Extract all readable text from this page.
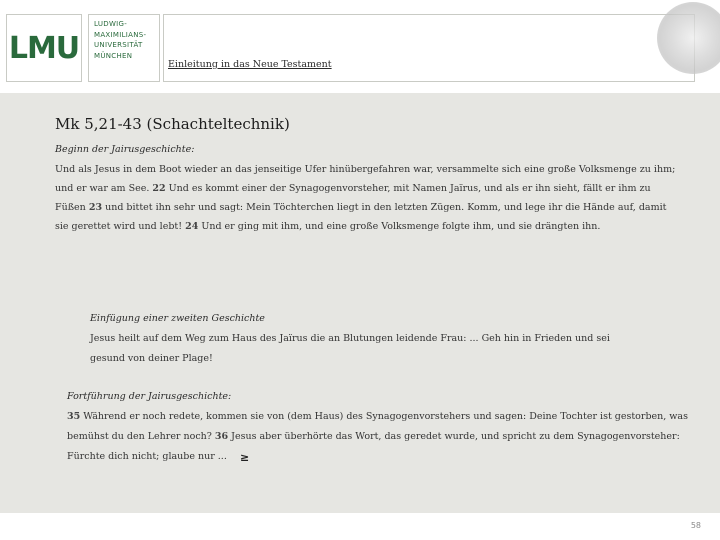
LMU
LUDWIG-
MAXIMILIANS-
UNIVERSITÄT
MÜNCHEN
Einleitung in das Neue Testament
Mk 5,21-43 (Schachteltechnik)
Beginn der Jairusgeschichte:
Und als Jesus in dem Boot wieder an das jenseitige Ufer hinübergefahren war, versammelte sich eine große Volksmenge zu ihm;
und er war am See. 22 Und es kommt einer der Synagogenvorsteher, mit Namen Jaïrus, und als er ihn sieht, fällt er ihm zu
Füßen 23 und bittet ihn sehr und sagt: Mein Töchterchen liegt in den letzten Zügen. Komm, und lege ihr die Hände auf, damit
sie gerettet wird und lebt! 24 Und er ging mit ihm, und eine große Volksmenge folgte ihm, und sie drängten ihn.
Einfügung einer zweiten Geschichte
Jesus heilt auf dem Weg zum Haus des Jaïrus die an Blutungen leidende Frau: ... Geh hin in Frieden und sei
gesund von deiner Plage!
Fortführung der Jairusgeschichte:
35 Während er noch redete, kommen sie von (dem Haus) des Synagogenvorstehers und sagen: Deine Tochter ist gestorben, was
bemühst du den Lehrer noch? 36 Jesus aber überhörte das Wort, das geredet wurde, und spricht zu dem Synagogenvorsteher:
Fürchte dich nicht; glaube nur ... ≥
58
